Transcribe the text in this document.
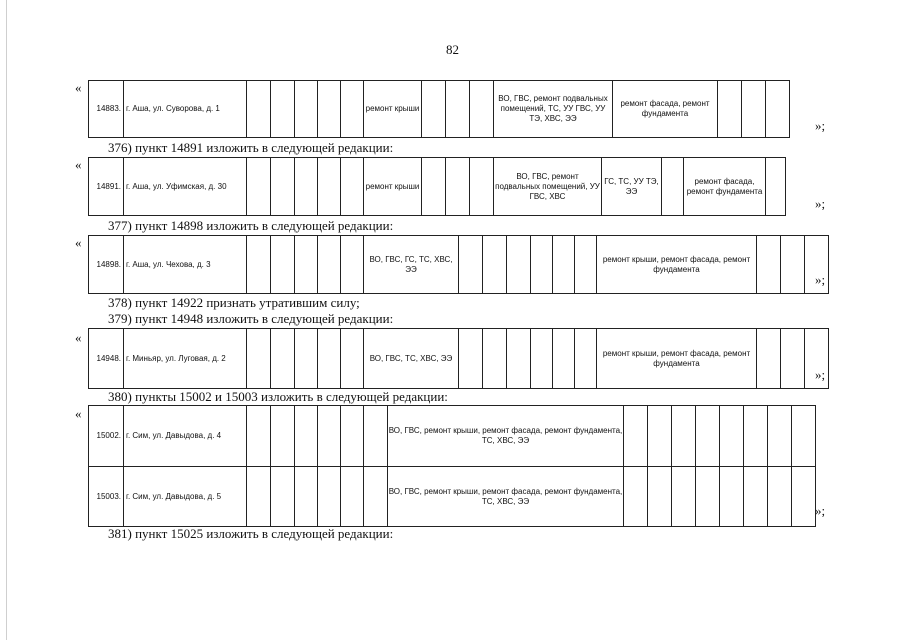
82
«
14883.	г. Аша, ул. Суворова, д. 1						ремонт крыши				ВО, ГВС, ремонт подвальных помещений, ТС, УУ ГВС, УУ ТЭ, ХВС, ЭЭ	ремонт фасада, ремонт фундамента			
»;
376) пункт 14891 изложить в следующей редакции:
«
14891.	г. Аша, ул. Уфимская, д. 30						ремонт крыши				ВО, ГВС, ремонт подвальных помещений, УУ ГВС, ХВС	ГС, ТС, УУ ТЭ, ЭЭ		ремонт фасада, ремонт фундамента	
»;
377) пункт 14898 изложить в следующей редакции:
«
14898.	г. Аша, ул. Чехова, д. 3						ВО, ГВС, ГС, ТС, ХВС, ЭЭ							ремонт крыши, ремонт фасада, ремонт фундамента			
»;
378) пункт 14922 признать утратившим силу;
379) пункт 14948 изложить в следующей редакции:
«
14948.	г. Миньяр, ул. Луговая, д. 2						ВО, ГВС, ТС, ХВС, ЭЭ							ремонт крыши, ремонт фасада, ремонт фундамента			
»;
380) пункты 15002 и 15003 изложить в следующей редакции:
«
15002.	г. Сим, ул. Давыдова, д. 4							ВО, ГВС, ремонт крыши, ремонт фасада, ремонт фундамента, ТС, ХВС, ЭЭ								
15003.	г. Сим, ул. Давыдова, д. 5							ВО, ГВС, ремонт крыши, ремонт фасада, ремонт фундамента, ТС, ХВС, ЭЭ								
»;
381) пункт 15025 изложить в следующей редакции:
